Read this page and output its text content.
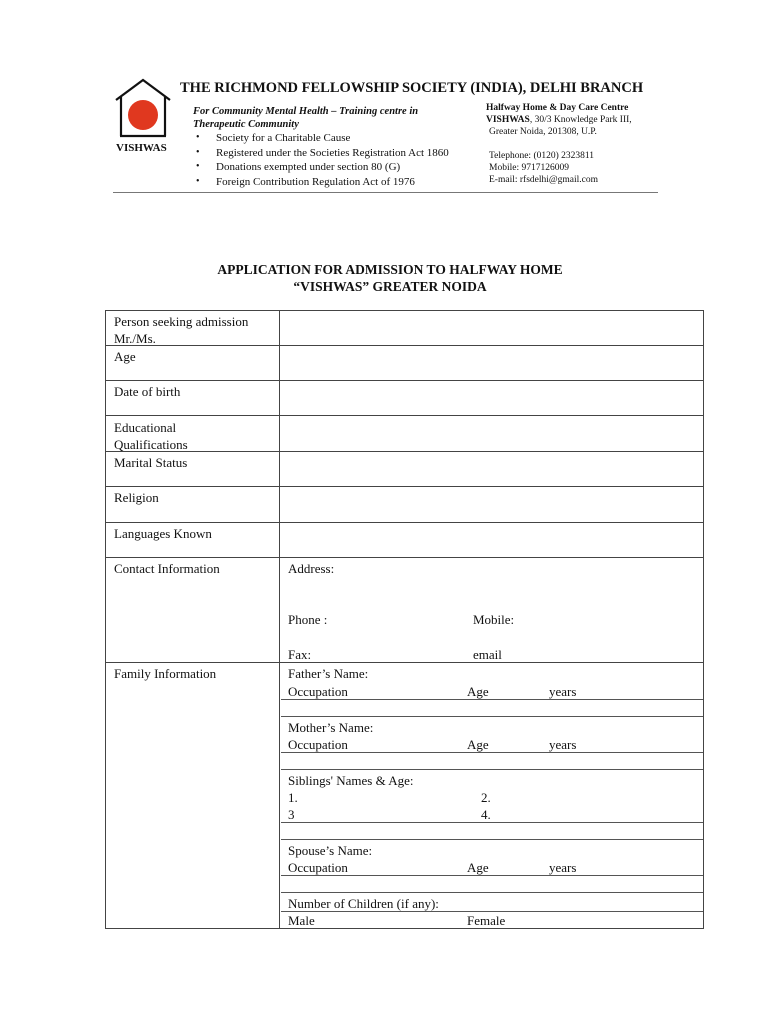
VISHWAS
THE RICHMOND FELLOWSHIP SOCIETY (INDIA), DELHI BRANCH
For Community Mental Health – Training centre in
Therapeutic Community
• Society for a Charitable Cause
• Registered under the Societies Registration Act 1860
• Donations exempted under section 80 (G)
• Foreign Contribution Regulation Act of 1976
Halfway Home & Day Care Centre
VISHWAS, 30/3 Knowledge Park III,
Greater Noida, 201308, U.P.
Telephone: (0120) 2323811
Mobile: 9717126009
E-mail: rfsdelhi@gmail.com
APPLICATION FOR ADMISSION TO HALFWAY HOME
“VISHWAS” GREATER NOIDA
Person seeking admission
Mr./Ms.
Age
Date of birth
Educational
Qualifications
Marital Status
Religion
Languages Known
Contact Information	Address:
Phone :	Mobile:
Fax:	email
Family Information	Father’s Name:
Occupation	Age	years
Mother’s Name:
Occupation	Age	years
Siblings' Names & Age:
1.	2.
3	4.
Spouse’s Name:
Occupation	Age	years
Number of Children (if any):
Male	Female
